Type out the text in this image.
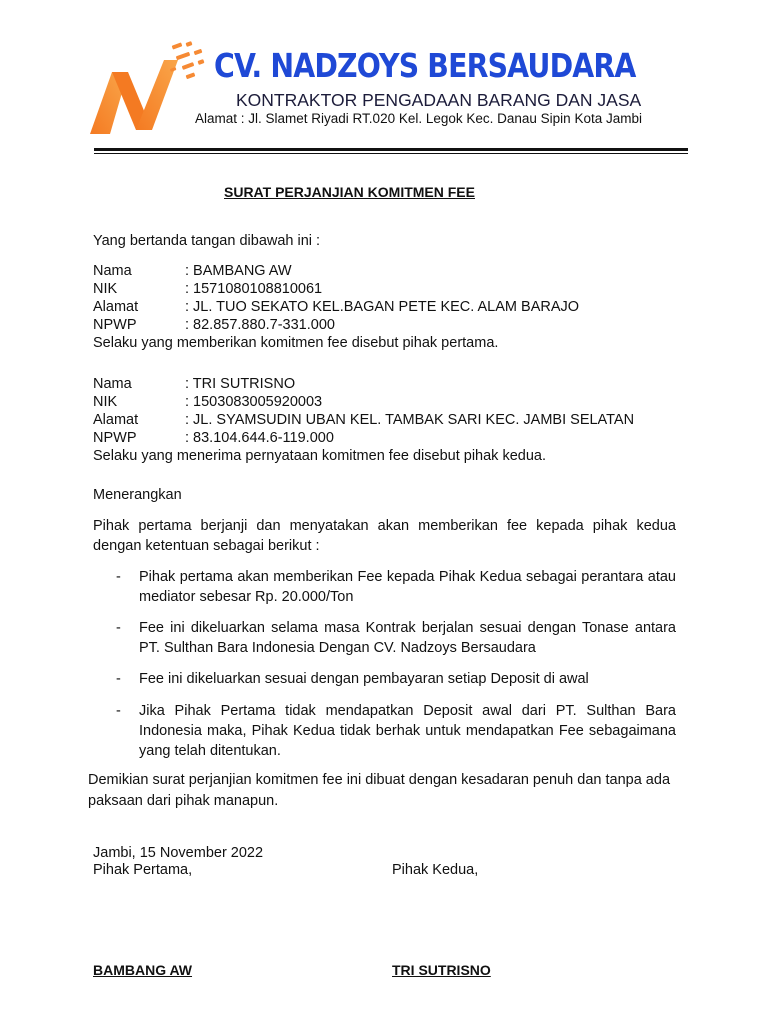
CV. NADZOYS BERSAUDARA
KONTRAKTOR PENGADAAN BARANG DAN JASA
Alamat : Jl. Slamet Riyadi RT.020 Kel. Legok Kec. Danau Sipin Kota Jambi
SURAT PERJANJIAN KOMITMEN FEE
Yang bertanda tangan dibawah ini :
Nama	: BAMBANG AW
NIK	: 1571080108810061
Alamat	: JL. TUO SEKATO KEL.BAGAN PETE KEC. ALAM BARAJO
NPWP	: 82.857.880.7-331.000
Selaku yang memberikan komitmen fee disebut pihak pertama.
Nama	: TRI SUTRISNO
NIK	: 1503083005920003
Alamat	: JL. SYAMSUDIN UBAN KEL. TAMBAK SARI KEC. JAMBI SELATAN
NPWP	: 83.104.644.6-119.000
Selaku yang menerima pernyataan komitmen fee disebut pihak kedua.
Menerangkan
Pihak pertama berjanji dan menyatakan akan memberikan fee kepada pihak kedua dengan ketentuan sebagai berikut :
- Pihak pertama akan memberikan Fee kepada Pihak Kedua sebagai perantara atau mediator sebesar Rp. 20.000/Ton
- Fee ini dikeluarkan selama masa Kontrak berjalan sesuai dengan Tonase antara PT. Sulthan Bara Indonesia Dengan CV. Nadzoys Bersaudara
- Fee ini dikeluarkan sesuai dengan pembayaran setiap Deposit di awal
- Jika Pihak Pertama tidak mendapatkan Deposit awal dari PT. Sulthan Bara Indonesia maka, Pihak Kedua tidak berhak untuk mendapatkan Fee sebagaimana yang telah ditentukan.
Demikian surat perjanjian komitmen fee ini dibuat dengan kesadaran penuh dan tanpa ada paksaan dari pihak manapun.
Jambi, 15 November 2022
Pihak Pertama,	Pihak Kedua,
BAMBANG AW	TRI SUTRISNO
